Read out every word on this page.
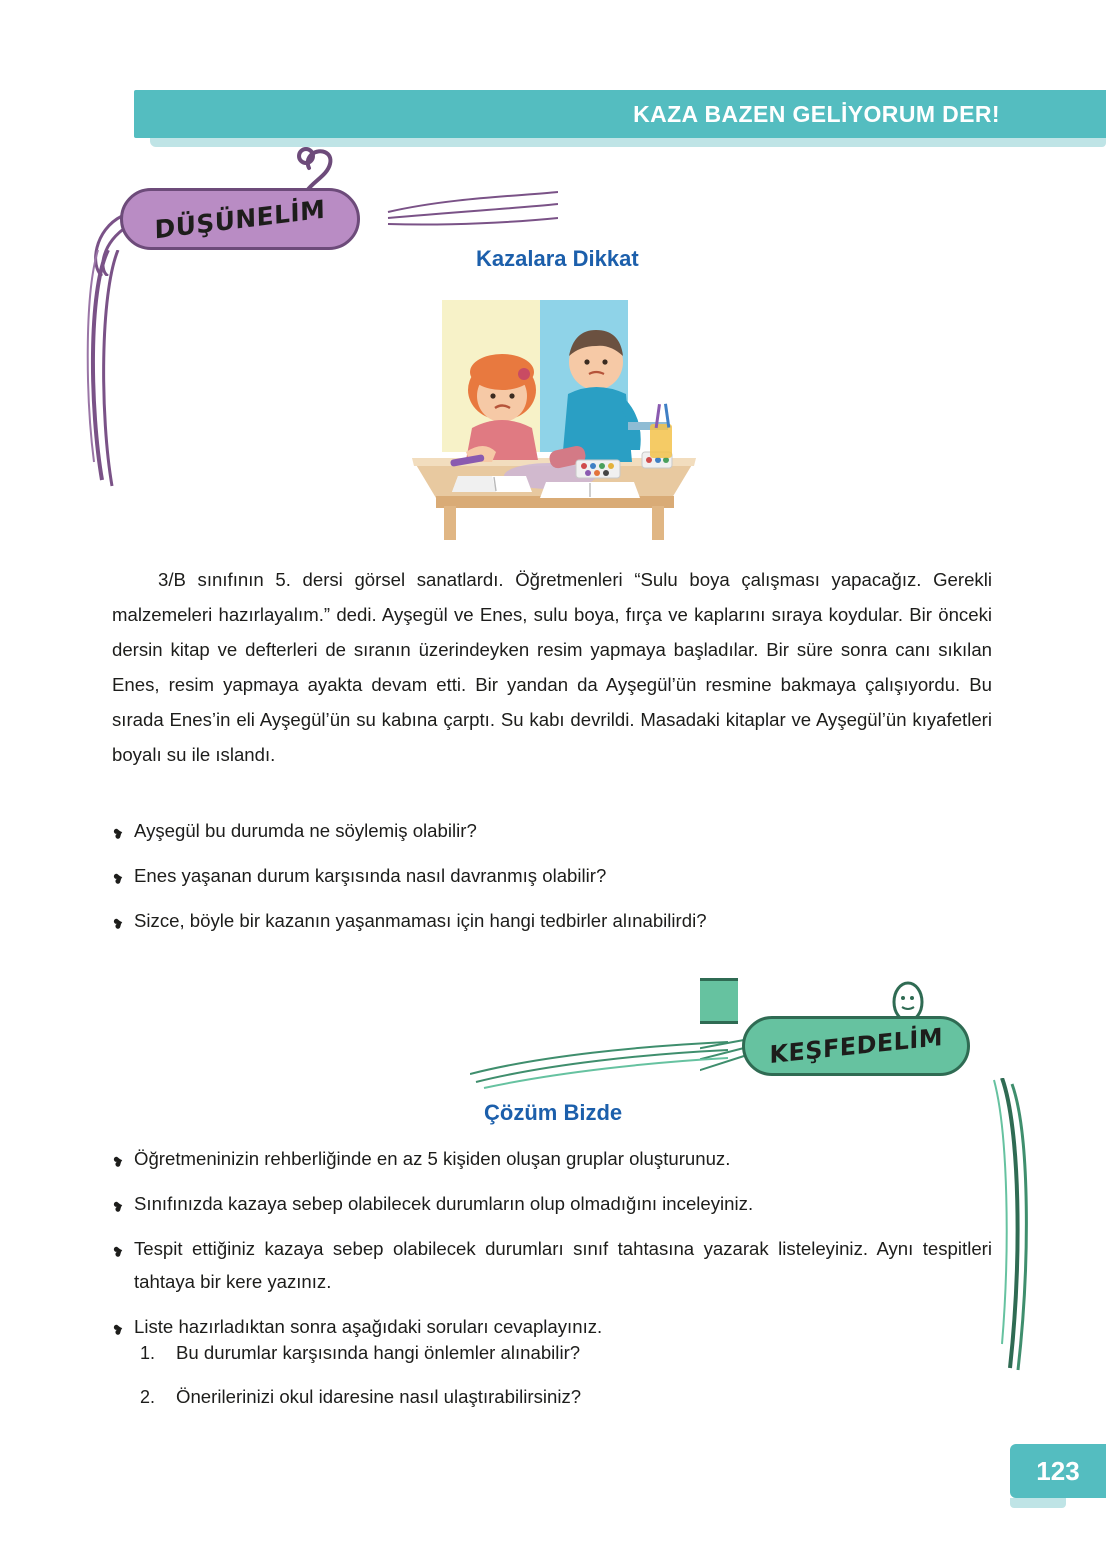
KAZA BAZEN GELİYORUM DER!
DÜŞÜNELİM
Kazalara Dikkat
3/B sınıfının 5. dersi görsel sanatlardı. Öğretmenleri “Sulu boya çalışması yapacağız. Gerekli malzemeleri hazırlayalım.” dedi. Ayşegül ve Enes, sulu boya, fırça ve kaplarını sıraya koydular. Bir önceki dersin kitap ve defterleri de sıranın üzerindeyken resim yapmaya başladılar. Bir süre sonra canı sıkılan Enes, resim yapmaya ayakta devam etti. Bir yandan da Ayşegül’ün resmine bakmaya çalışıyordu. Bu sırada Enes’in eli Ayşegül’ün su kabına çarptı. Su kabı devrildi. Masadaki kitaplar ve Ayşegül’ün kıyafetleri boyalı su ile ıslandı.
❥ Ayşegül bu durumda ne söylemiş olabilir?
❥ Enes yaşanan durum karşısında nasıl davranmış olabilir?
❥ Sizce, böyle bir kazanın yaşanmaması için hangi tedbirler alınabilirdi?
KEŞFEDELİM
Çözüm Bizde
❥ Öğretmeninizin rehberliğinde en az 5 kişiden oluşan gruplar oluşturunuz.
❥ Sınıfınızda kazaya sebep olabilecek durumların olup olmadığını inceleyiniz.
❥ Tespit ettiğiniz kazaya sebep olabilecek durumları sınıf tahtasına yazarak listeleyiniz. Aynı tespitleri tahtaya bir kere yazınız.
❥ Liste hazırladıktan sonra aşağıdaki soruları cevaplayınız.
1.	Bu durumlar karşısında hangi önlemler alınabilir?
2.	Önerilerinizi okul idaresine nasıl ulaştırabilirsiniz?
123
